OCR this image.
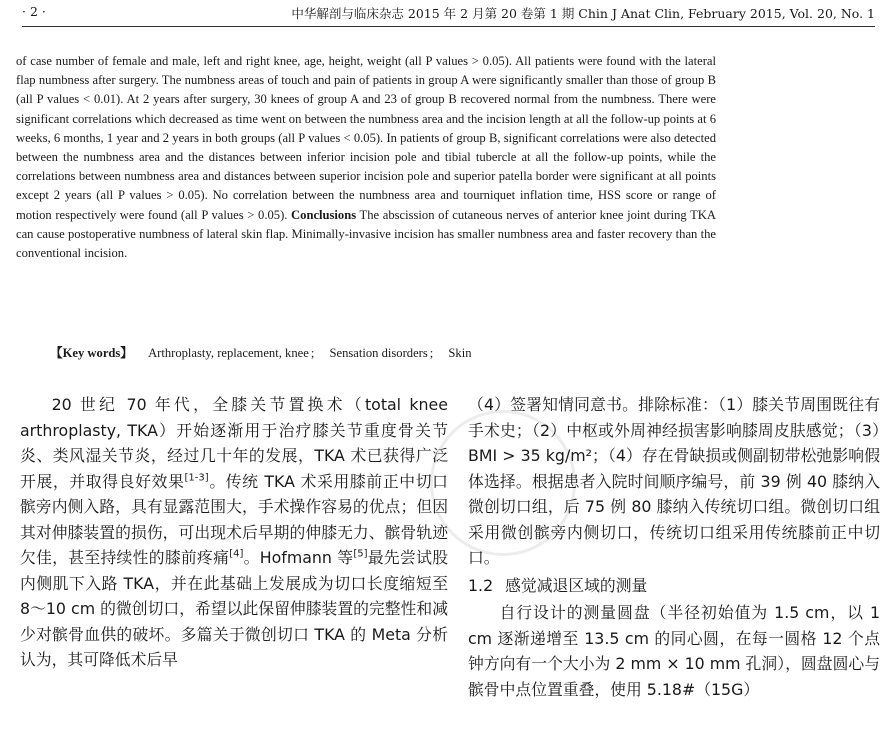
· 2 ·	中华解剖与临床杂志 2015 年 2 月第 20 卷第 1 期 Chin J Anat Clin, February 2015, Vol. 20, No. 1
of case number of female and male, left and right knee, age, height, weight (all P values > 0.05). All patients were found with the lateral flap numbness after surgery. The numbness areas of touch and pain of patients in group A were significantly smaller than those of group B (all P values < 0.01). At 2 years after surgery, 30 knees of group A and 23 of group B recovered normal from the numbness. There were significant correlations which decreased as time went on between the numbness area and the incision length at all the follow-up points at 6 weeks, 6 months, 1 year and 2 years in both groups (all P values < 0.05). In patients of group B, significant correlations were also detected between the numbness area and the distances between inferior incision pole and tibial tubercle at all the follow-up points, while the correlations between numbness area and distances between superior incision pole and superior patella border were significant at all points except 2 years (all P values > 0.05). No correlation between the numbness area and tourniquet inflation time, HSS score or range of motion respectively were found (all P values > 0.05). Conclusions The abscission of cutaneous nerves of anterior knee joint during TKA can cause postoperative numbness of lateral skin flap. Minimally-invasive incision has smaller numbness area and faster recovery than the conventional incision.
【Key words】 Arthroplasty, replacement, knee ; Sensation disorders ; Skin

20 世纪 70 年代，全膝关节置换术（total knee arthroplasty, TKA）开始逐渐用于治疗膝关节重度骨关节炎、类风湿关节炎，经过几十年的发展，TKA 术已获得广泛开展，并取得良好效果[1-3]。传统 TKA 术采用膝前正中切口髌旁内侧入路，具有显露范围大，手术操作容易的优点；但因其对伸膝装置的损伤，可出现术后早期的伸膝无力、髌骨轨迹欠佳，甚至持续性的膝前疼痛[4]。Hofmann 等[5]最先尝试股内侧肌下入路 TKA，并在此基础上发展成为切口长度缩短至 8～10 cm 的微创切口，希望以此保留伸膝装置的完整性和减少对髌骨血供的破坏。多篇关于微创切口 TKA 的 Meta 分析认为，其可降低术后早

（4）签署知情同意书。排除标准：（1）膝关节周围既往有手术史；（2）中枢或外周神经损害影响膝周皮肤感觉；（3）BMI > 35 kg/m²；（4）存在骨缺损或侧副韧带松弛影响假体选择。根据患者入院时间顺序编号，前 39 例 40 膝纳入微创切口组，后 75 例 80 膝纳入传统切口组。微创切口组采用微创髌旁内侧切口，传统切口组采用传统膝前正中切口。

1.2 感觉减退区域的测量

自行设计的测量圆盘（半径初始值为 1.5 cm，以 1 cm 逐渐递增至 13.5 cm 的同心圆，在每一圆格 12 个点钟方向有一个大小为 2 mm × 10 mm 孔洞），圆盘圆心与髌骨中点位置重叠，使用 5.18#（15G）
